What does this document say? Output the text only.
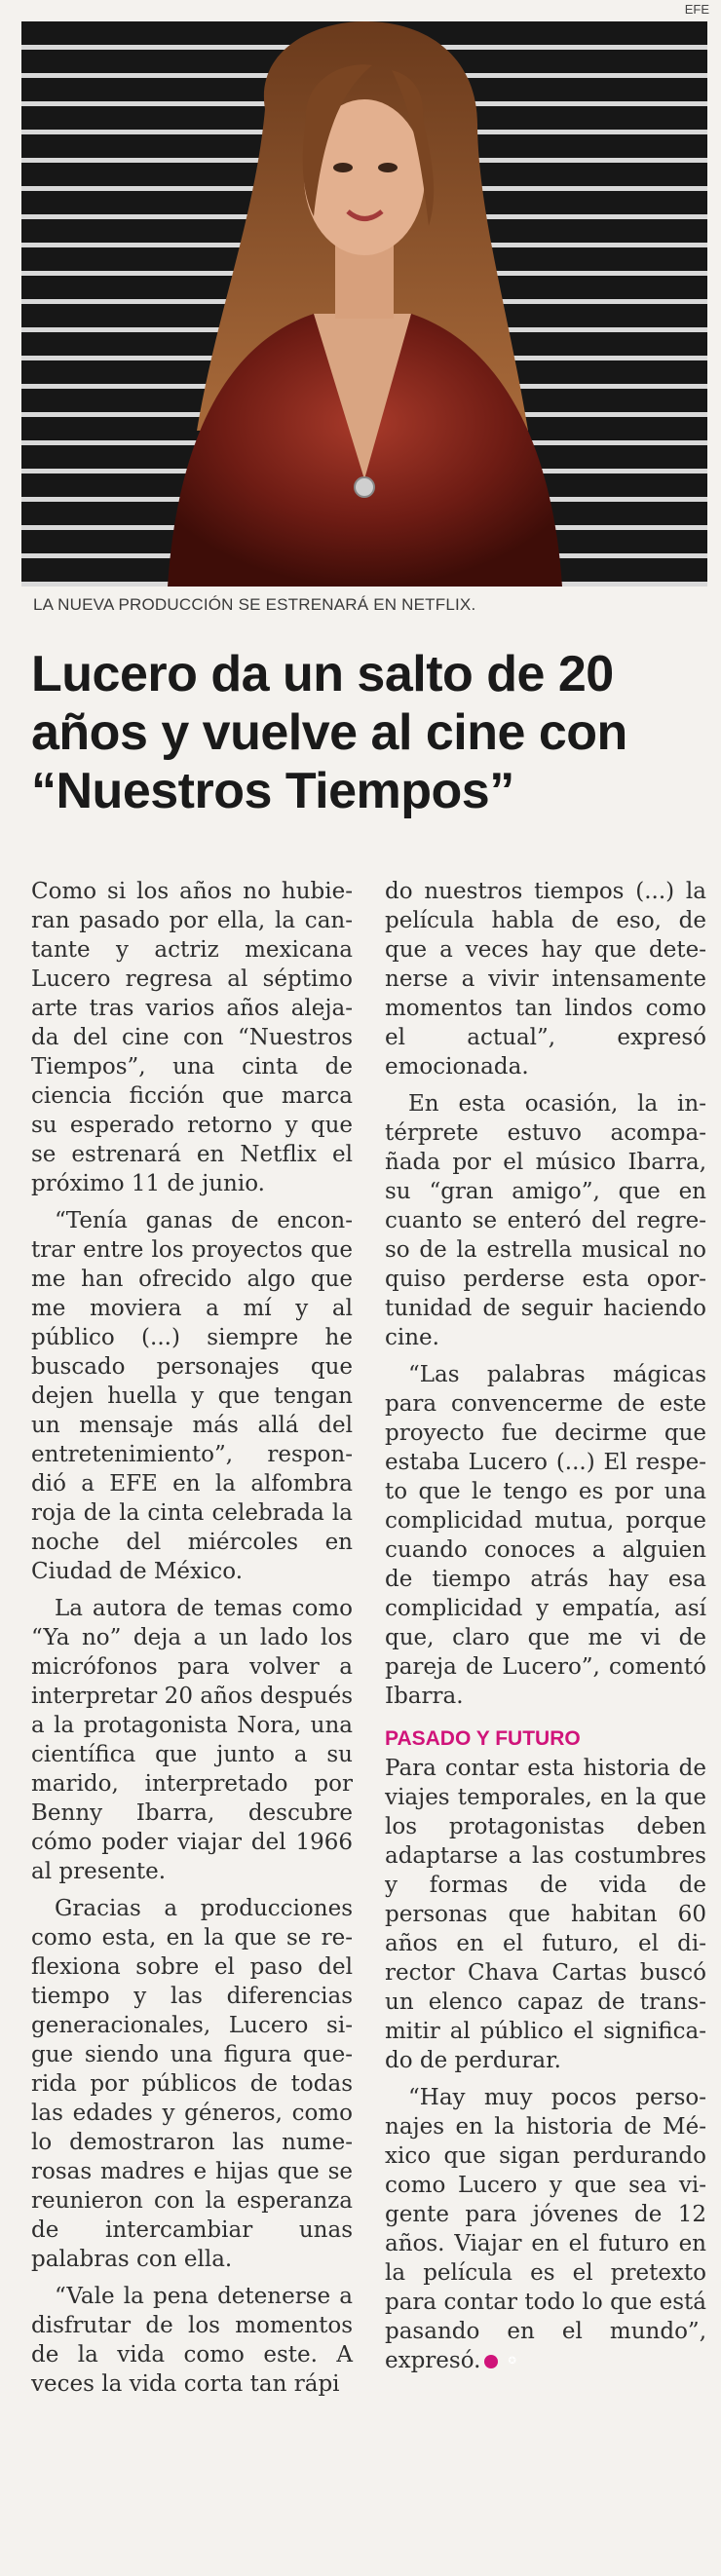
EFE
LA NUEVA PRODUCCIÓN SE ESTRENARÁ EN NETFLIX.
Lucero da un salto de 20
años y vuelve al cine con
“Nuestros Tiempos”

Como si los años no hubieran pasado por ella, la cantante y actriz mexicana Lucero regresa al séptimo arte tras varios años alejada del cine con “Nuestros Tiempos”, una cinta de ciencia ficción que marca su esperado retorno y que se estrenará en Netflix el próximo 11 de junio.

“Tenía ganas de encontrar entre los proyectos que me han ofrecido algo que me moviera a mí y al público (...) siempre he buscado personajes que dejen huella y que tengan un mensaje más allá del entretenimiento”, respondió a EFE en la alfombra roja de la cinta celebrada la noche del miércoles en Ciudad de México.

La autora de temas como “Ya no” deja a un lado los micrófonos para volver a interpretar 20 años después a la protagonista Nora, una científica que junto a su marido, interpretado por Benny Ibarra, descubre cómo poder viajar del 1966 al presente.

Gracias a producciones como esta, en la que se reflexiona sobre el paso del tiempo y las diferencias generacionales, Lucero sigue siendo una figura querida por públicos de todas las edades y géneros, como lo demostraron las numerosas madres e hijas que se reunieron con la esperanza de intercambiar unas palabras con ella.

“Vale la pena detenerse a disfrutar de los momentos de la vida como este. A veces la vida corta tan rápi

do nuestros tiempos (...) la película habla de eso, de que a veces hay que detenerse a vivir intensamente momentos tan lindos como el actual”, expresó emocionada.

En esta ocasión, la intérprete estuvo acompañada por el músico Ibarra, su “gran amigo”, que en cuanto se enteró del regreso de la estrella musical no quiso perderse esta oportunidad de seguir haciendo cine.

“Las palabras mágicas para convencerme de este proyecto fue decirme que estaba Lucero (...) El respeto que le tengo es por una complicidad mutua, porque cuando conoces a alguien de tiempo atrás hay esa complicidad y empatía, así que, claro que me vi de pareja de Lucero”, comentó Ibarra.

PASADO Y FUTURO

Para contar esta historia de viajes temporales, en la que los protagonistas deben adaptarse a las costumbres y formas de vida de personas que habitan 60 años en el futuro, el director Chava Cartas buscó un elenco capaz de transmitir al público el significado de perdurar.

“Hay muy pocos personajes en la historia de México que sigan perdurando como Lucero y que sea vigente para jóvenes de 12 años. Viajar en el futuro en la película es el pretexto para contar todo lo que está pasando en el mundo”, expresó.	✪
